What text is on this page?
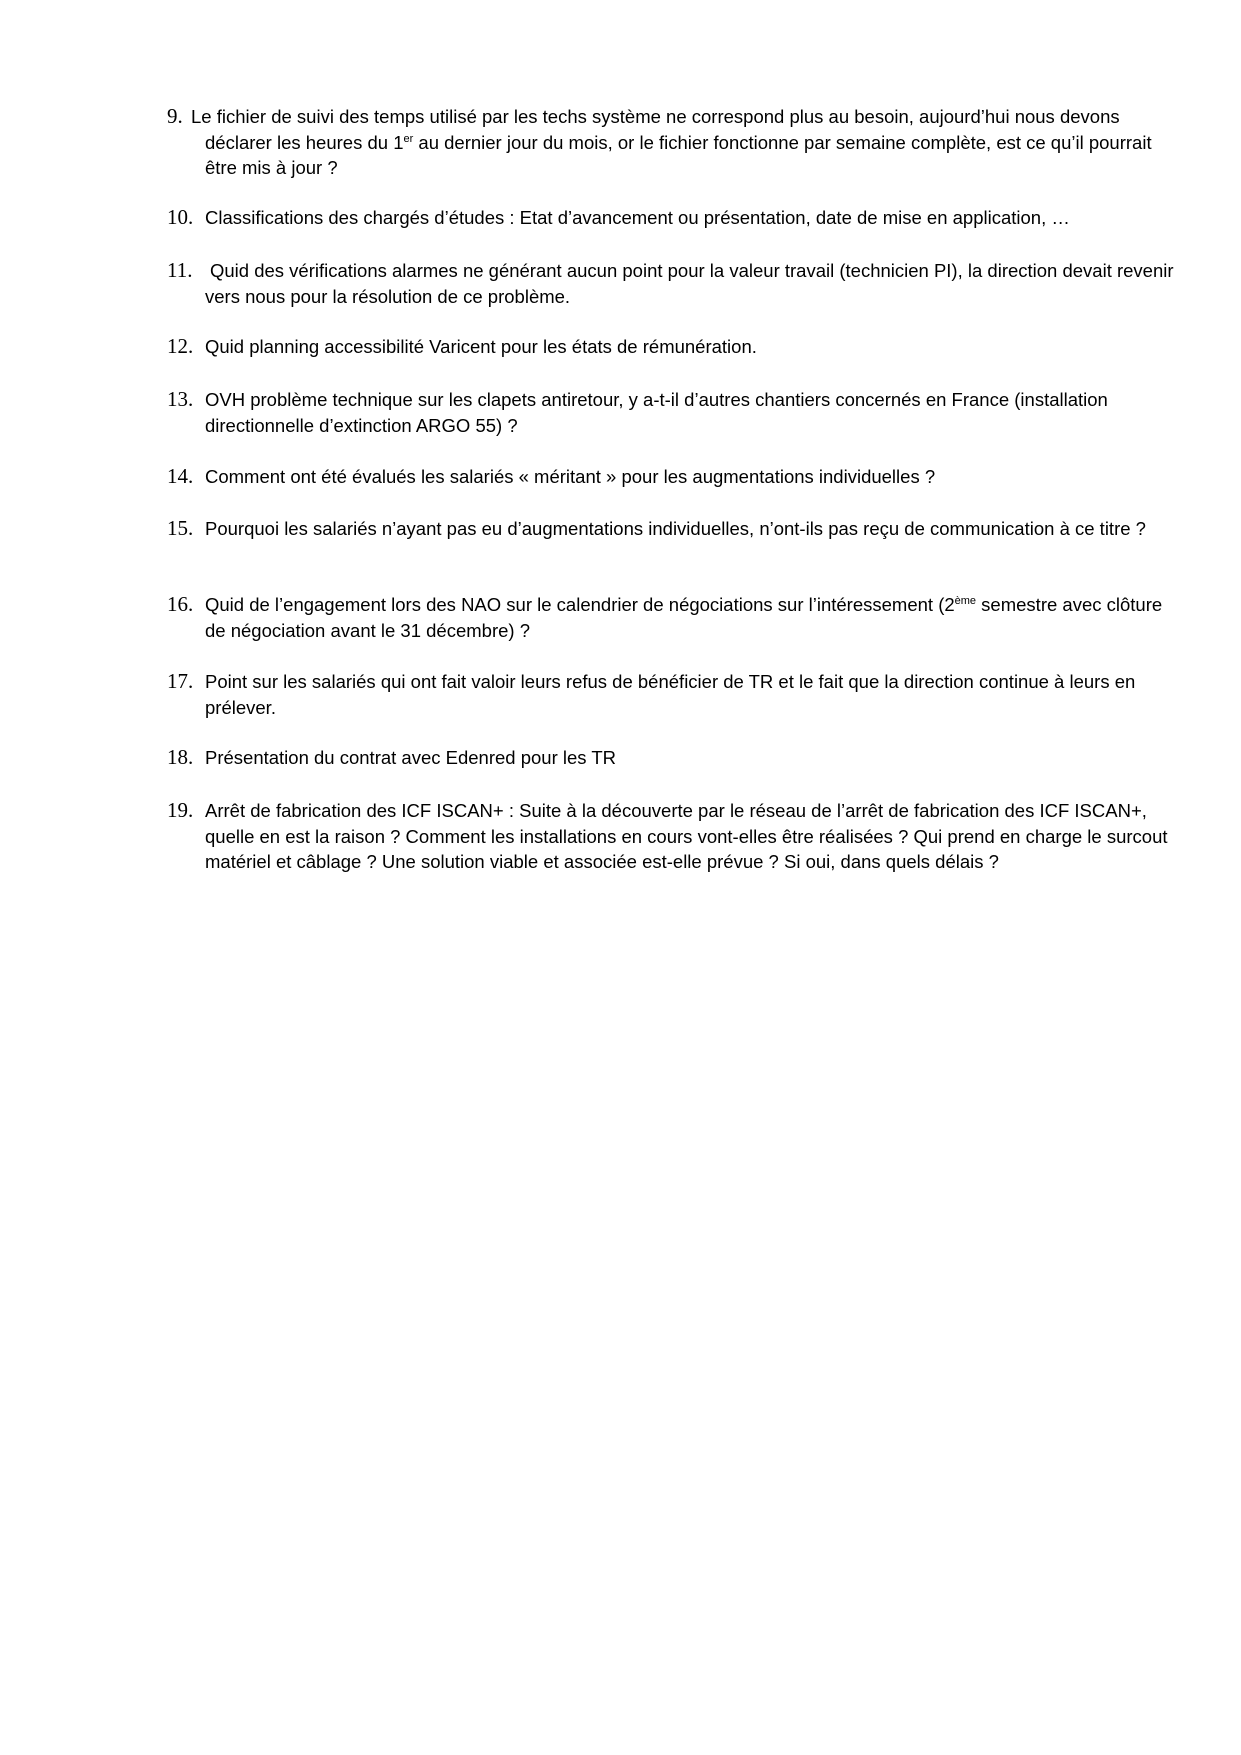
9. Le fichier de suivi des temps utilisé par les techs système ne correspond plus au besoin, aujourd’hui nous devons déclarer les heures du 1er au dernier jour du mois, or le fichier fonctionne par semaine complète, est ce qu’il pourrait être mis à jour ?
10. Classifications des chargés d’études : Etat d’avancement ou présentation, date de mise en application, …
11. Quid des vérifications alarmes ne générant aucun point pour la valeur travail (technicien PI), la direction devait revenir vers nous pour la résolution de ce problème.
12. Quid planning accessibilité Varicent pour les états de rémunération.
13. OVH problème technique sur les clapets antiretour, y a-t-il d’autres chantiers concernés en France (installation directionnelle d’extinction ARGO 55) ?
14. Comment ont été évalués les salariés « méritant » pour les augmentations individuelles ?
15. Pourquoi les salariés n’ayant pas eu d’augmentations individuelles, n’ont-ils pas reçu de communication à ce titre ?
16. Quid de l’engagement lors des NAO sur le calendrier de négociations sur l’intéressement (2ème semestre avec clôture de négociation avant le 31 décembre) ?
17. Point sur les salariés qui ont fait valoir leurs refus de bénéficier de TR et le fait que la direction continue à leurs en prélever.
18. Présentation du contrat avec Edenred pour les TR
19. Arrêt de fabrication des ICF ISCAN+ : Suite à la découverte par le réseau de l’arrêt de fabrication des ICF ISCAN+, quelle en est la raison ? Comment les installations en cours vont-elles être réalisées ? Qui prend en charge le surcout matériel et câblage ? Une solution viable et associée est-elle prévue ? Si oui, dans quels délais ?
